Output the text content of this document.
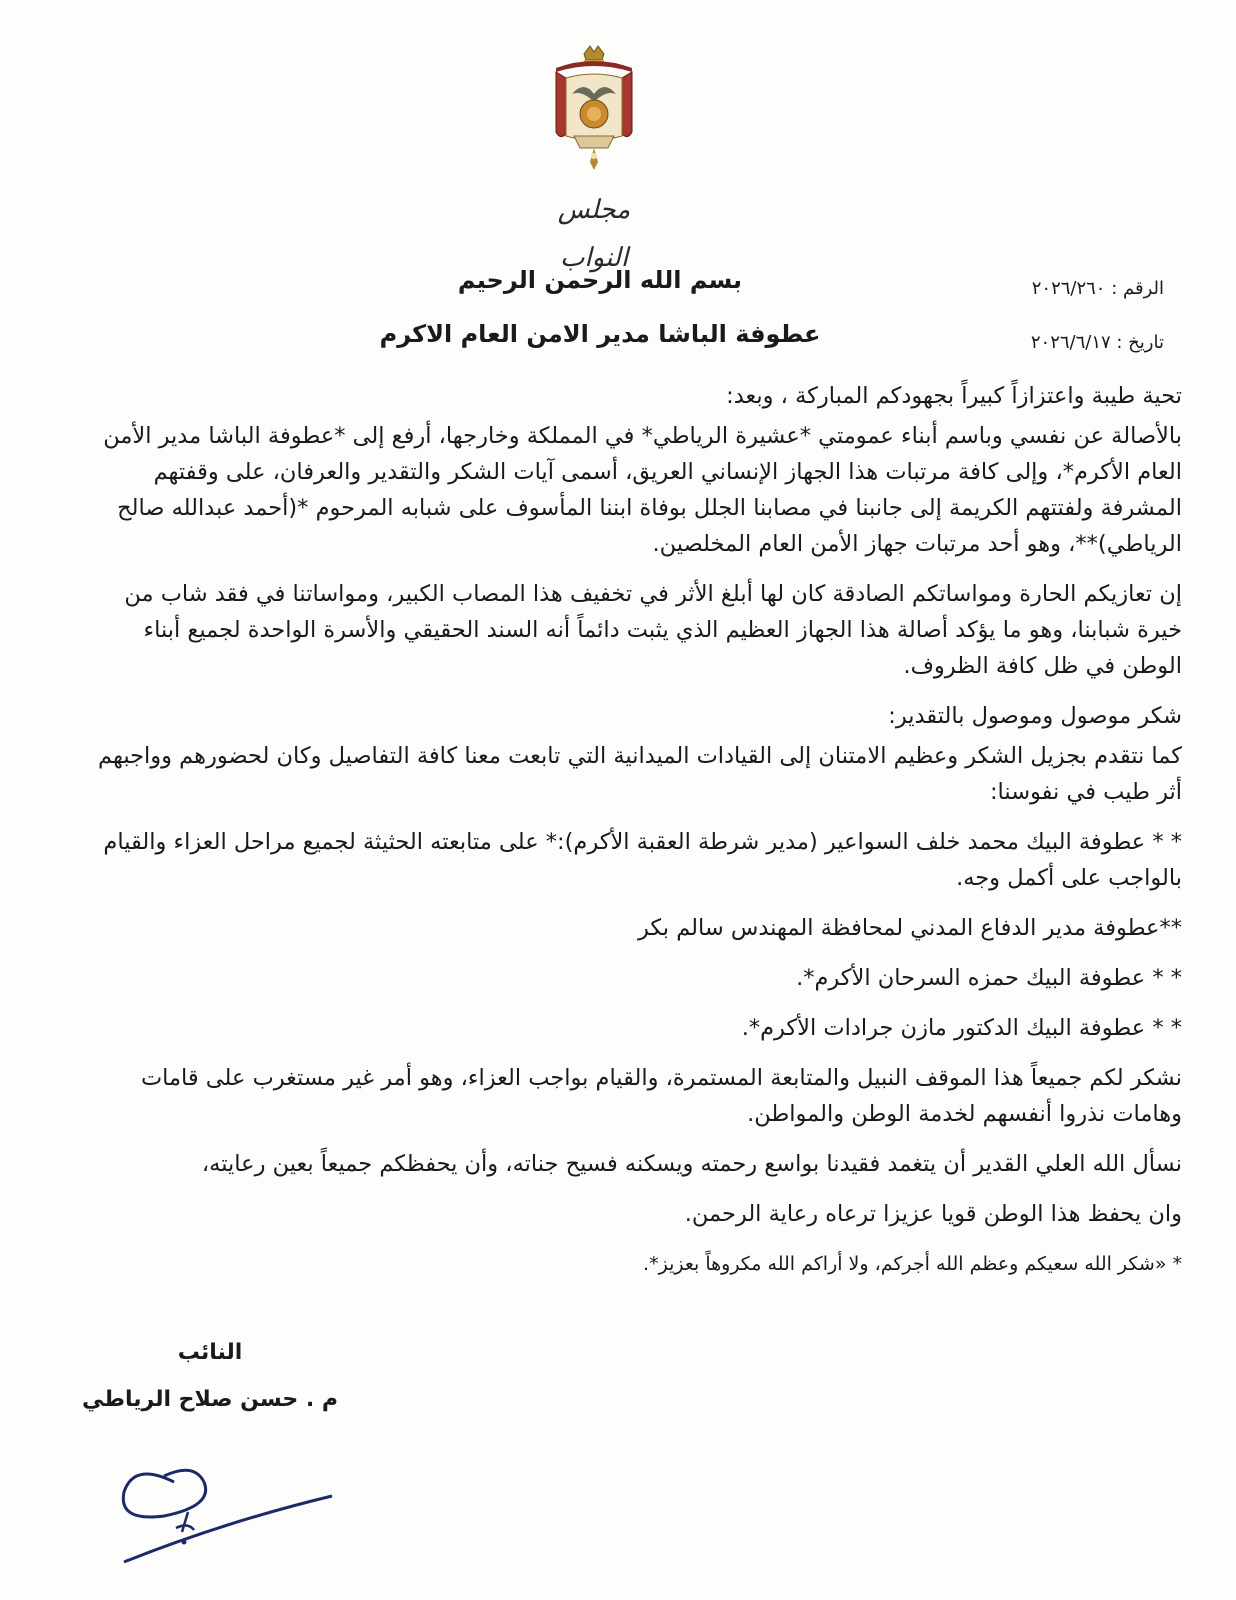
مجلس النواب
الرقم : ٢٠٢٦/٢٦٠
تاريخ : ٢٠٢٦/٦/١٧
بسم الله الرحمن الرحيم
عطوفة الباشا مدير الامن العام الاكرم

تحية طيبة واعتزازاً كبيراً بجهودكم المباركة ، وبعد:

بالأصالة عن نفسي وباسم أبناء عمومتي *عشيرة الرياطي* في المملكة وخارجها، أرفع إلى *عطوفة الباشا مدير الأمن العام الأكرم*، وإلى كافة مرتبات هذا الجهاز الإنساني العريق، أسمى آيات الشكر والتقدير والعرفان، على وقفتهم المشرفة ولفتتهم الكريمة إلى جانبنا في مصابنا الجلل بوفاة ابننا المأسوف على شبابه المرحوم *(أحمد عبدالله صالح الرياطي)**، وهو أحد مرتبات جهاز الأمن العام المخلصين.

إن تعازيكم الحارة ومواساتكم الصادقة كان لها أبلغ الأثر في تخفيف هذا المصاب الكبير، ومواساتنا في فقد شاب من خيرة شبابنا، وهو ما يؤكد أصالة هذا الجهاز العظيم الذي يثبت دائماً أنه السند الحقيقي والأسرة الواحدة لجميع أبناء الوطن في ظل كافة الظروف.

شكر موصول وموصول بالتقدير:

كما نتقدم بجزيل الشكر وعظيم الامتنان إلى القيادات الميدانية التي تابعت معنا كافة التفاصيل وكان لحضورهم وواجبهم أثر طيب في نفوسنا:

* * عطوفة البيك محمد خلف السواعير (مدير شرطة العقبة الأكرم):* على متابعته الحثيثة لجميع مراحل العزاء والقيام بالواجب على أكمل وجه.

**عطوفة مدير الدفاع المدني لمحافظة المهندس سالم بكر

* * عطوفة البيك حمزه السرحان الأكرم*.

* * عطوفة البيك الدكتور مازن جرادات الأكرم*.

نشكر لكم جميعاً هذا الموقف النبيل والمتابعة المستمرة، والقيام بواجب العزاء، وهو أمر غير مستغرب على قامات وهامات نذروا أنفسهم لخدمة الوطن والمواطن.

نسأل الله العلي القدير أن يتغمد فقيدنا بواسع رحمته ويسكنه فسيح جناته، وأن يحفظكم جميعاً بعين رعايته،

وان يحفظ هذا الوطن قويا عزيزا ترعاه رعاية الرحمن.

* «شكر الله سعيكم وعظم الله أجركم، ولا أراكم الله مكروهاً بعزيز*.

النائب
م . حسن صلاح الرياطي
